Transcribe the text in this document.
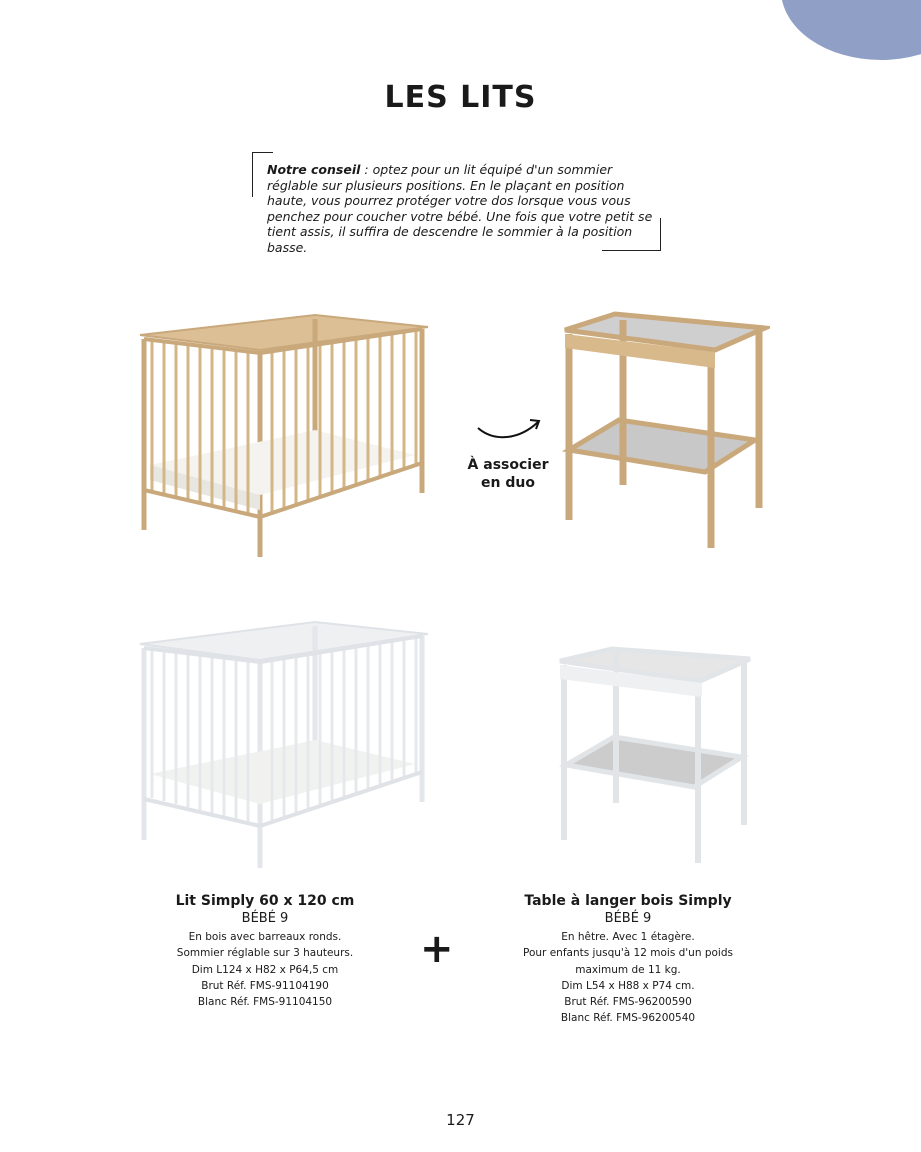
LES LITS
Notre conseil : optez pour un lit équipé d'un sommier réglable sur plusieurs positions. En le plaçant en position haute, vous pourrez protéger votre dos lorsque vous vous penchez pour coucher votre bébé. Une fois que votre petit se tient assis, il suffira de descendre le sommier à la position basse.
À associer
en duo
Lit Simply 60 x 120 cm
BÉBÉ 9
En bois avec barreaux ronds.
Sommier réglable sur 3 hauteurs.
Dim L124 x H82 x P64,5 cm
Brut Réf. FMS-91104190
Blanc Réf. FMS-91104150
+
Table à langer bois Simply
BÉBÉ 9
En hêtre. Avec 1 étagère.
Pour enfants jusqu'à 12 mois d'un poids
maximum de 11 kg.
Dim L54 x H88 x P74 cm.
Brut Réf. FMS-96200590
Blanc Réf. FMS-96200540
127
